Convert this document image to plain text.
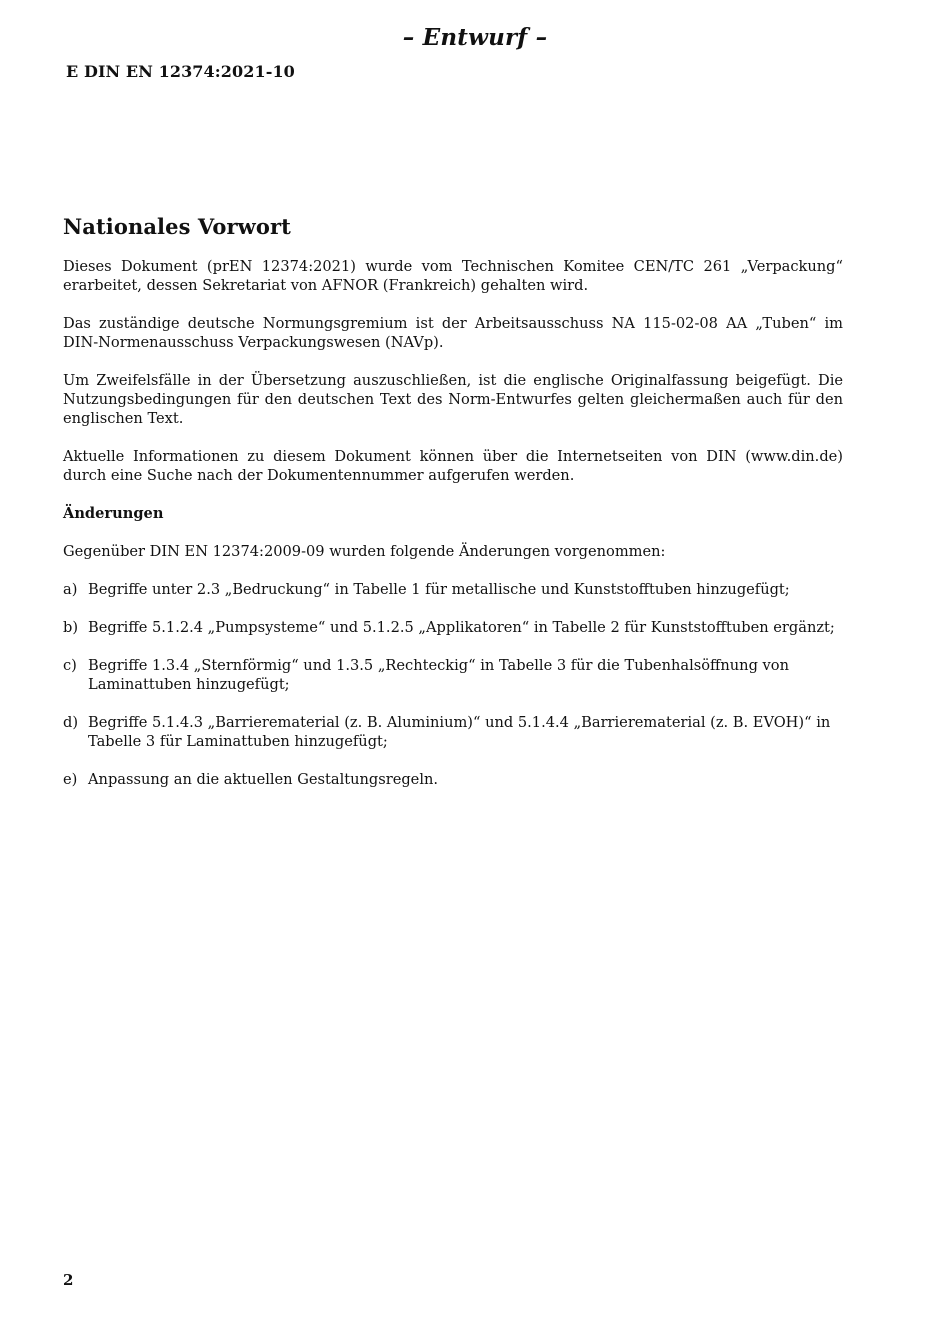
– Entwurf –
E DIN EN 12374:2021-10
Nationales Vorwort

Dieses Dokument (prEN 12374:2021) wurde vom Technischen Komitee CEN/TC 261 „Verpackung“ erarbeitet, dessen Sekretariat von AFNOR (Frankreich) gehalten wird.

Das zuständige deutsche Normungsgremium ist der Arbeitsausschuss NA 115-02-08 AA „Tuben“ im DIN-Normenausschuss Verpackungswesen (NAVp).

Um Zweifelsfälle in der Übersetzung auszuschließen, ist die englische Originalfassung beigefügt. Die Nutzungsbedingungen für den deutschen Text des Norm-Entwurfes gelten gleichermaßen auch für den englischen Text.

Aktuelle Informationen zu diesem Dokument können über die Internetseiten von DIN (www.din.de) durch eine Suche nach der Dokumentennummer aufgerufen werden.

Änderungen

Gegenüber DIN EN 12374:2009-09 wurden folgende Änderungen vorgenommen:

a) Begriffe unter 2.3 „Bedruckung“ in Tabelle 1 für metallische und Kunststofftuben hinzugefügt;
b) Begriffe 5.1.2.4 „Pumpsysteme“ und 5.1.2.5 „Applikatoren“ in Tabelle 2 für Kunststofftuben ergänzt;
c) Begriffe 1.3.4 „Sternförmig“ und 1.3.5 „Rechteckig“ in Tabelle 3 für die Tubenhalsöffnung von Laminattuben hinzugefügt;
d) Begriffe 5.1.4.3 „Barrierematerial (z. B. Aluminium)“ und 5.1.4.4 „Barrierematerial (z. B. EVOH)“ in Tabelle 3 für Laminattuben hinzugefügt;
e) Anpassung an die aktuellen Gestaltungsregeln.
2
